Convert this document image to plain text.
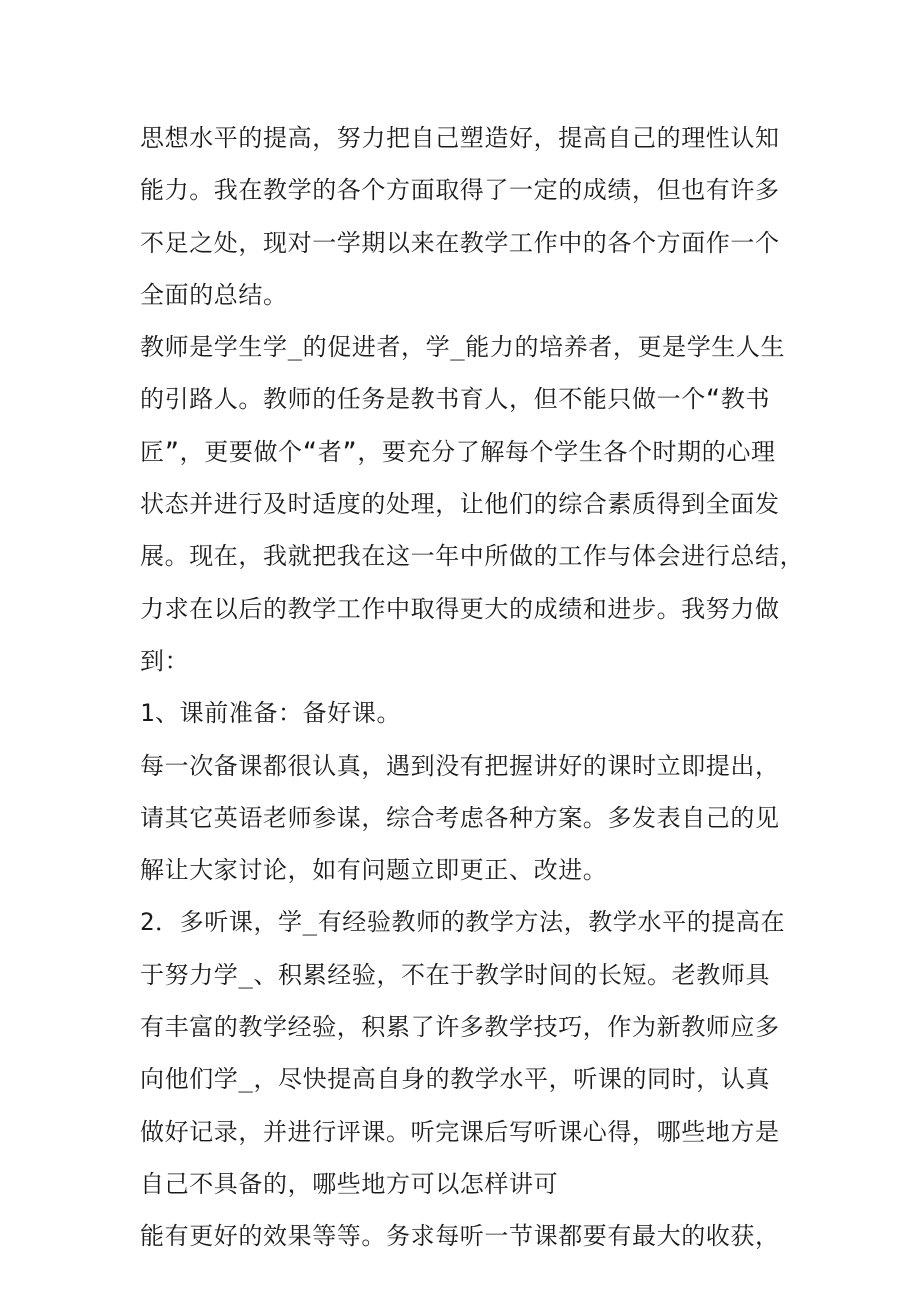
思想水平的提高，努力把自己塑造好，提高自己的理性认知
能力。我在教学的各个方面取得了一定的成绩，但也有许多
不足之处，现对一学期以来在教学工作中的各个方面作一个
全面的总结。
教师是学生学_的促进者，学_能力的培养者，更是学生人生
的引路人。教师的任务是教书育人，但不能只做一个“教书
匠”，更要做个“者”，要充分了解每个学生各个时期的心理
状态并进行及时适度的处理，让他们的综合素质得到全面发
展。现在，我就把我在这一年中所做的工作与体会进行总结，
力求在以后的教学工作中取得更大的成绩和进步。我努力做
到：
1、课前准备：备好课。
每一次备课都很认真，遇到没有把握讲好的课时立即提出，
请其它英语老师参谋，综合考虑各种方案。多发表自己的见
解让大家讨论，如有问题立即更正、改进。
2．多听课，学_有经验教师的教学方法，教学水平的提高在
于努力学_、积累经验，不在于教学时间的长短。老教师具
有丰富的教学经验，积累了许多教学技巧，作为新教师应多
向他们学_，尽快提高自身的教学水平，听课的同时，认真
做好记录，并进行评课。听完课后写听课心得，哪些地方是
自己不具备的，哪些地方可以怎样讲可
能有更好的效果等等。务求每听一节课都要有最大的收获，
